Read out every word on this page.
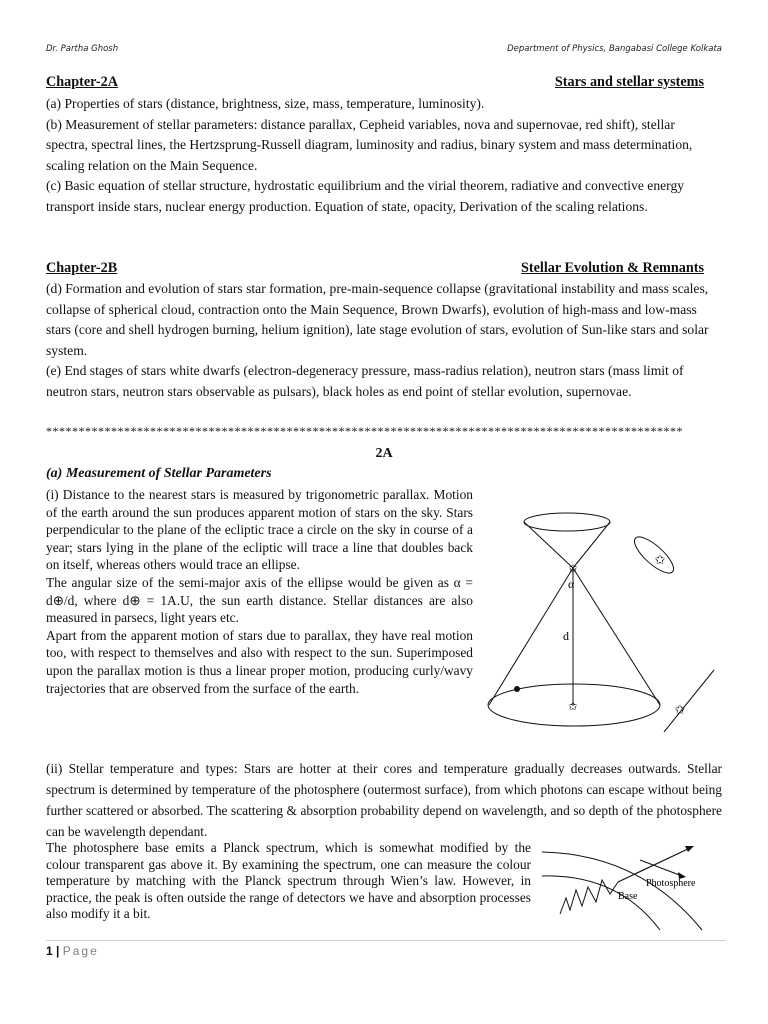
Dr. Partha Ghosh	Department of Physics, Bangabasi College Kolkata
Chapter-2A	Stars and stellar systems

(a) Properties of stars (distance, brightness, size, mass, temperature, luminosity).

(b) Measurement of stellar parameters: distance parallax, Cepheid variables, nova and supernovae, red shift), stellar spectra, spectral lines, the Hertzsprung-Russell diagram, luminosity and radius, binary system and mass determination, scaling relation on the Main Sequence.

(c) Basic equation of stellar structure, hydrostatic equilibrium and the virial theorem, radiative and convective energy transport inside stars, nuclear energy production. Equation of state, opacity, Derivation of the scaling relations.

Chapter-2B	Stellar Evolution & Remnants

(d) Formation and evolution of stars star formation, pre-main-sequence collapse (gravitational instability and mass scales, collapse of spherical cloud, contraction onto the Main Sequence, Brown Dwarfs), evolution of high-mass and low-mass stars (core and shell hydrogen burning, helium ignition), late stage evolution of stars, evolution of Sun-like stars and solar system.

(e) End stages of stars white dwarfs (electron-degeneracy pressure, mass-radius relation), neutron stars (mass limit of neutron stars, neutron stars observable as pulsars), black holes as end point of stellar evolution, supernovae.

**************************************************************************************************
2A
(a) Measurement of Stellar Parameters

(i) Distance to the nearest stars is measured by trigonometric parallax. Motion of the earth around the sun produces apparent motion of stars on the sky. Stars perpendicular to the plane of the ecliptic trace a circle on the sky in course of a year; stars lying in the plane of the ecliptic will trace a line that doubles back on itself, whereas others would trace an ellipse.

The angular size of the semi-major axis of the ellipse would be given as α = d⊕/d, where d⊕ = 1A.U, the sun earth distance. Stellar distances are also measured in parsecs, light years etc.

Apart from the apparent motion of stars due to parallax, they have real motion too, with respect to themselves and also with respect to the sun. Superimposed upon the parallax motion is thus a linear proper motion, producing curly/wavy trajectories that are observed from the surface of the earth.

α
d
✩
✩
✩
✩
(ii) Stellar temperature and types: Stars are hotter at their cores and temperature gradually decreases outwards. Stellar spectrum is determined by temperature of the photosphere (outermost surface), from which photons can escape without being further scattered or absorbed. The scattering & absorption probability depend on wavelength, and so depth of the photosphere can be wavelength dependant.
The photosphere base emits a Planck spectrum, which is somewhat modified by the colour transparent gas above it. By examining the spectrum, one can measure the colour temperature by matching with the Planck spectrum through Wien’s law. However, in practice, the peak is often outside the range of detectors we have and absorption processes also modify it a bit.
Photosphere
Base
1 | Page
